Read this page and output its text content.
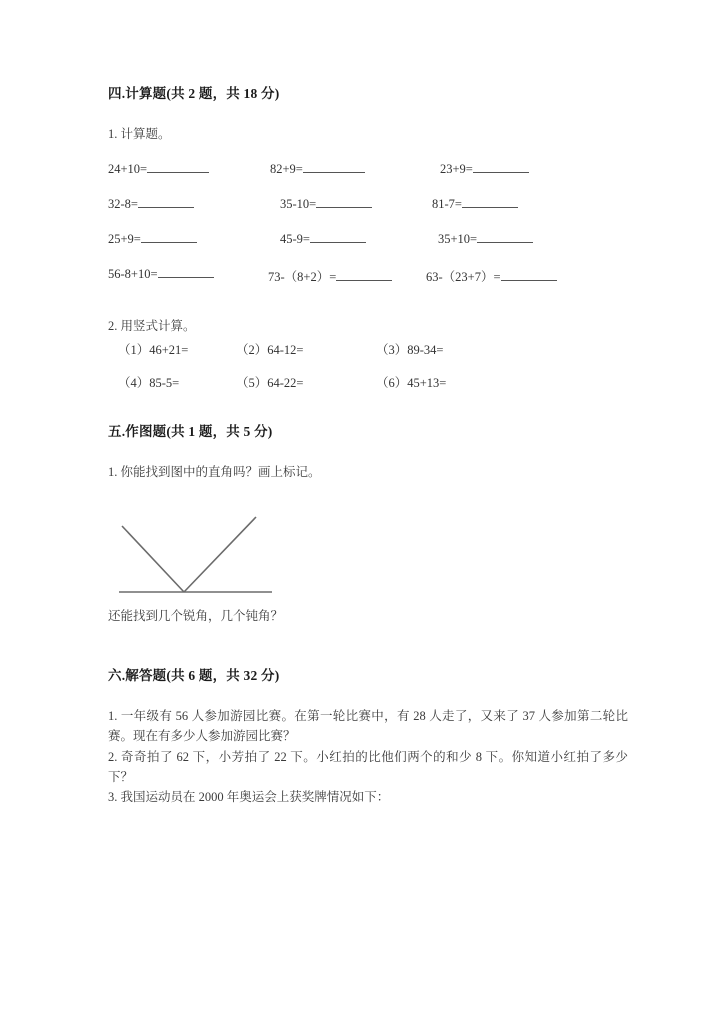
四.计算题(共 2 题，共 18 分)

1. 计算题。

24+10=	82+9=	23+9=
32-8=	35-10=	81-7=
25+9=	45-9=	35+10=
56-8+10=	73-（8+2）=	63-（23+7）=

2. 用竖式计算。

（1）46+21=	（2）64-12=	（3）89-34=
（4）85-5=	（5）64-22=	（6）45+13=
五.作图题(共 1 题，共 5 分)

1. 你能找到图中的直角吗？画上标记。

还能找到几个锐角，几个钝角？

六.解答题(共 6 题，共 32 分)

1. 一年级有 56 人参加游园比赛。在第一轮比赛中，有 28 人走了，又来了 37 人参加第二轮比赛。现在有多少人参加游园比赛？

2. 奇奇拍了 62 下，小芳拍了 22 下。小红拍的比他们两个的和少 8 下。你知道小红拍了多少下？

3. 我国运动员在 2000 年奥运会上获奖牌情况如下：
